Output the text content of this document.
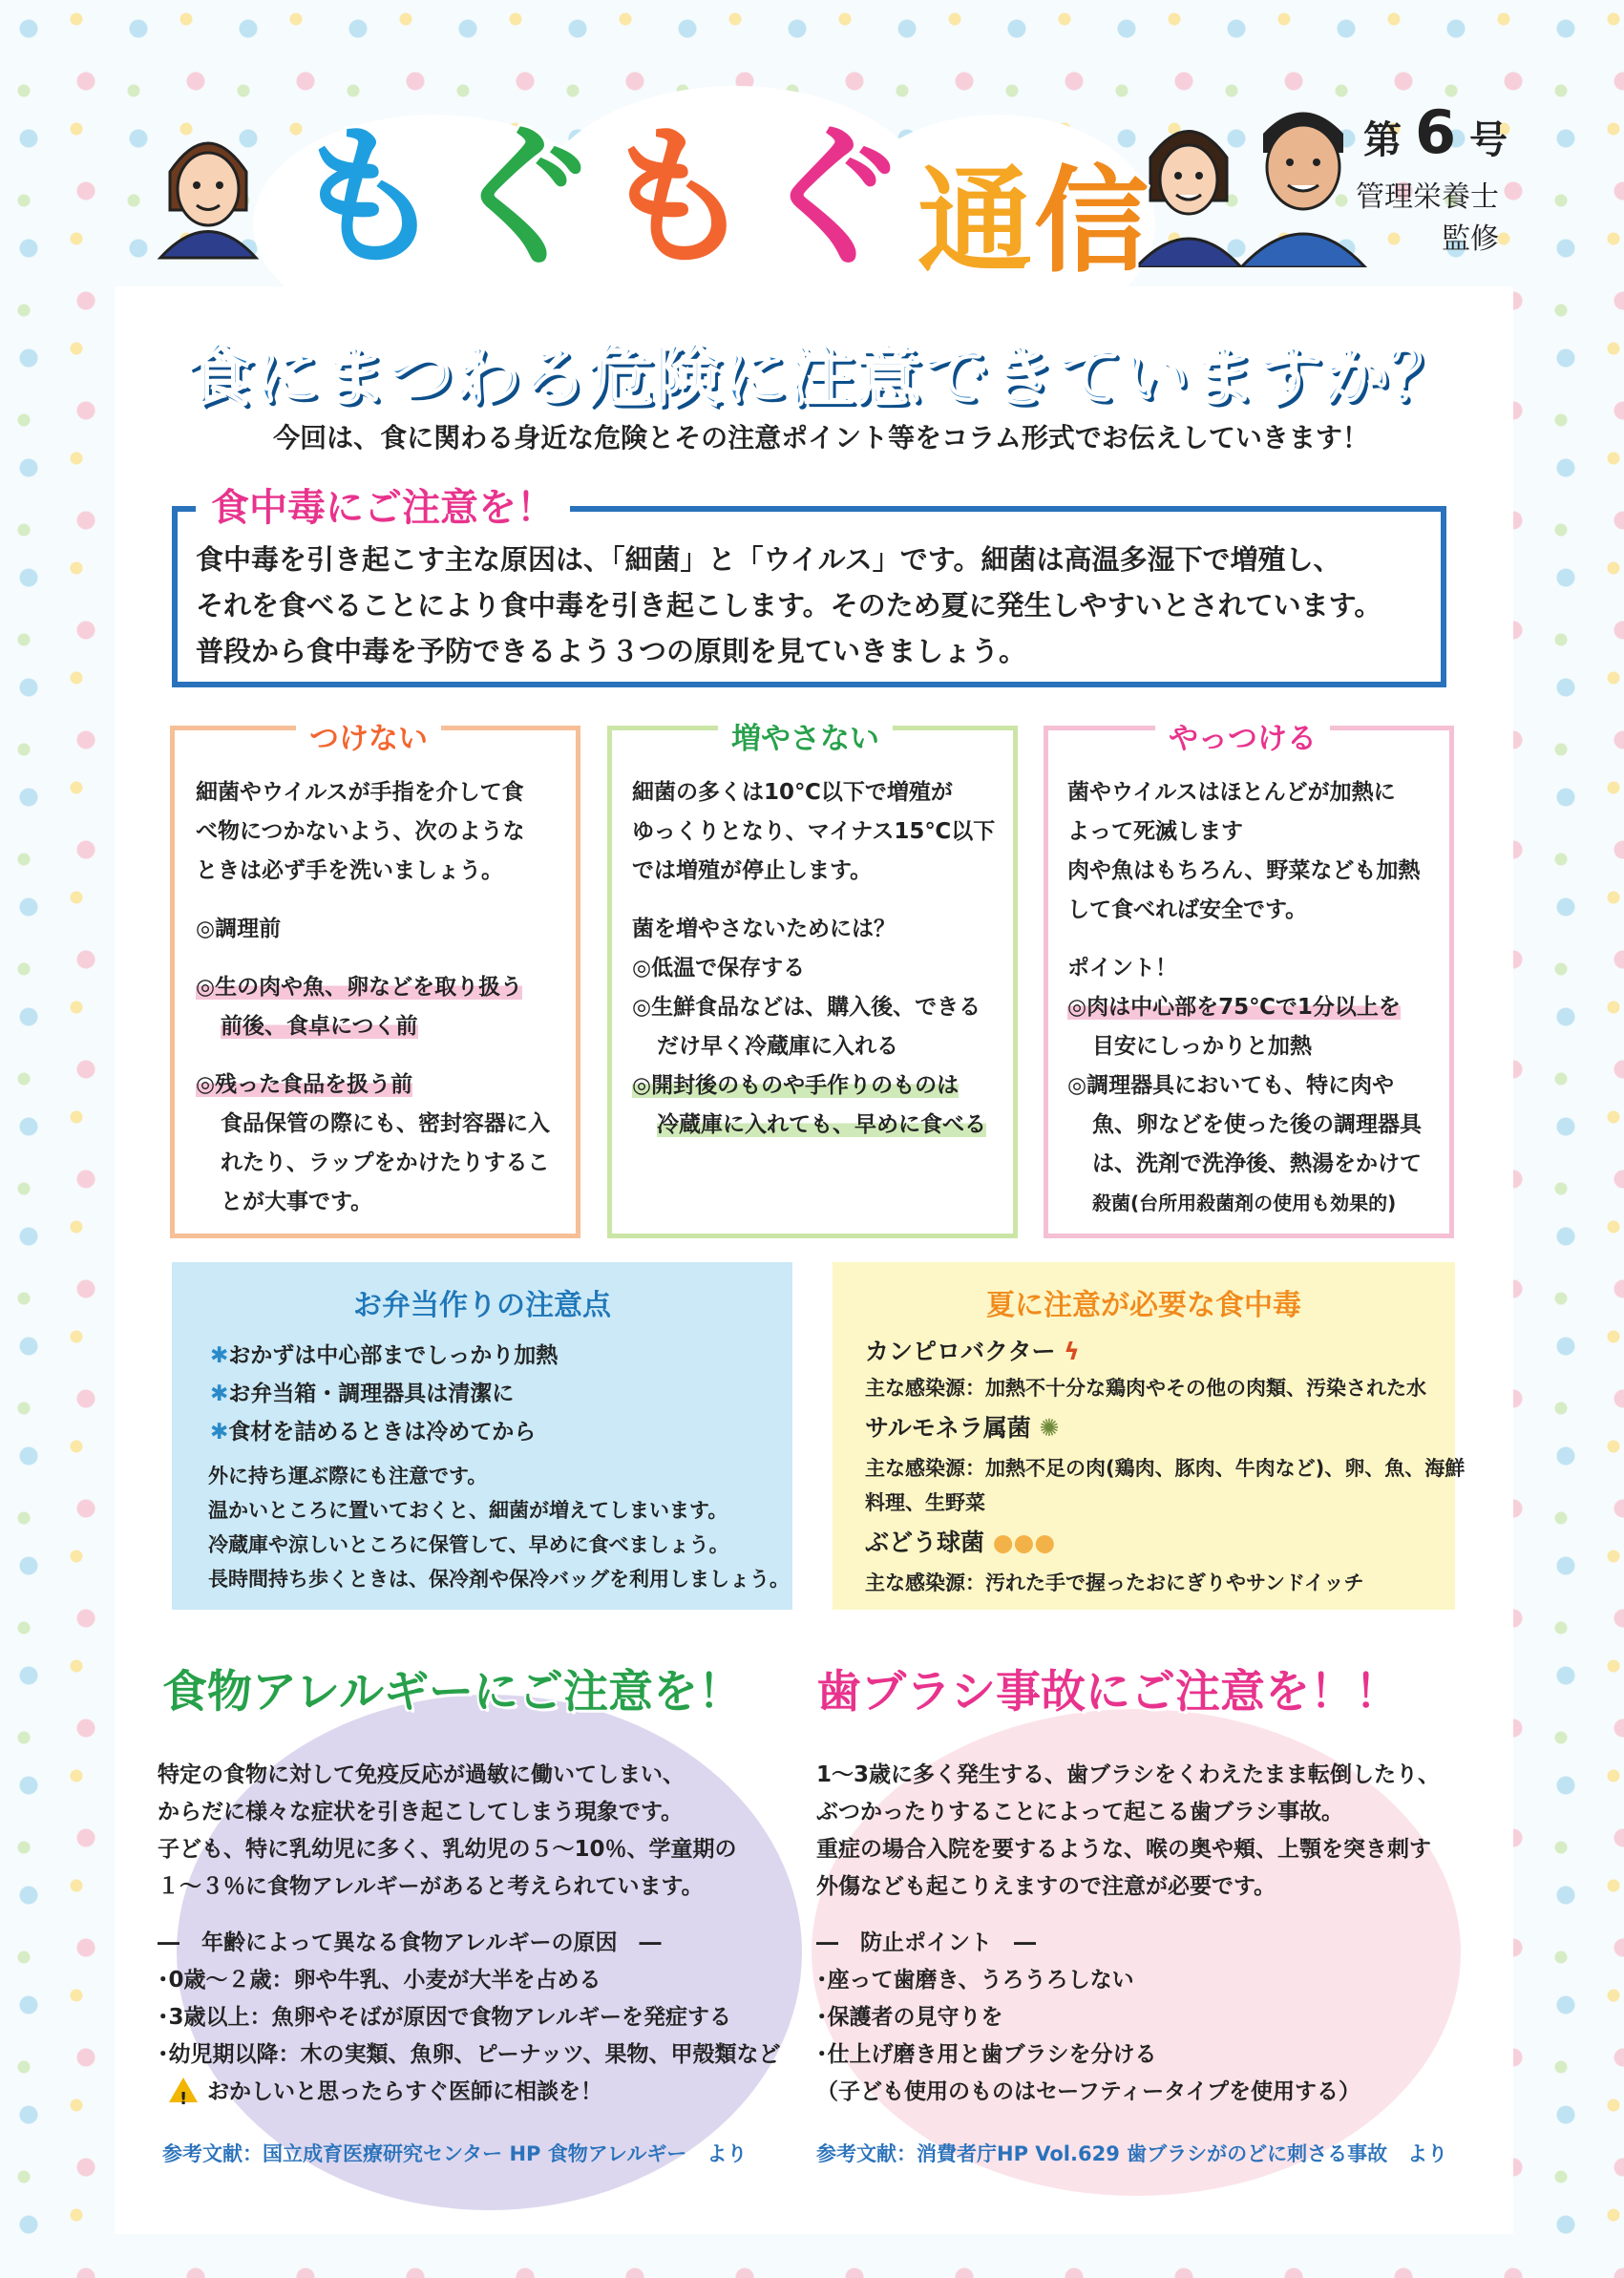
も ぐ も ぐ 通 信
第 6 号
管理栄養士
監修
食にまつわる危険に注意できていますか？
今回は、食に関わる身近な危険とその注意ポイント等をコラム形式でお伝えしていきます！
食中毒にご注意を！
食中毒を引き起こす主な原因は、「細菌」と「ウイルス」です。細菌は高温多湿下で増殖し、
それを食べることにより食中毒を引き起こします。そのため夏に発生しやすいとされています。
普段から食中毒を予防できるよう３つの原則を見ていきましょう。
つけない
細菌やウイルスが手指を介して食
べ物につかないよう、次のような
ときは必ず手を洗いましょう。
◎調理前
◎生の肉や魚、卵などを取り扱う
前後、食卓につく前
◎残った食品を扱う前
食品保管の際にも、密封容器に入
れたり、ラップをかけたりするこ
とが大事です。
増やさない
細菌の多くは10℃以下で増殖が
ゆっくりとなり、マイナス15℃以下
では増殖が停止します。
菌を増やさないためには？
◎低温で保存する
◎生鮮食品などは、購入後、できる
だけ早く冷蔵庫に入れる
◎開封後のものや手作りのものは
冷蔵庫に入れても、早めに食べる
やっつける
菌やウイルスはほとんどが加熱に
よって死滅します
肉や魚はもちろん、野菜なども加熱
して食べれば安全です。
ポイント！
◎肉は中心部を75℃で1分以上を
目安にしっかりと加熱
◎調理器具においても、特に肉や
魚、卵などを使った後の調理器具
は、洗剤で洗浄後、熱湯をかけて
殺菌(台所用殺菌剤の使用も効果的)
お弁当作りの注意点
✱おかずは中心部までしっかり加熱
✱お弁当箱・調理器具は清潔に
✱食材を詰めるときは冷めてから
外に持ち運ぶ際にも注意です。
温かいところに置いておくと、細菌が増えてしまいます。
冷蔵庫や涼しいところに保管して、早めに食べましょう。
長時間持ち歩くときは、保冷剤や保冷バッグを利用しましょう。
夏に注意が必要な食中毒
カンピロバクター ϟ
主な感染源：加熱不十分な鶏肉やその他の肉類、汚染された水
サルモネラ属菌 ✺
主な感染源：加熱不足の肉(鶏肉、豚肉、牛肉など)、卵、魚、海鮮
料理、生野菜
ぶどう球菌 ●●●
主な感染源：汚れた手で握ったおにぎりやサンドイッチ
食物アレルギーにご注意を！
特定の食物に対して免疫反応が過敏に働いてしまい、
からだに様々な症状を引き起こしてしまう現象です。
子ども、特に乳幼児に多く、乳幼児の５～10％、学童期の
１～３％に食物アレルギーがあると考えられています。
―　年齢によって異なる食物アレルギーの原因　―
･0歳～２歳：卵や牛乳、小麦が大半を占める
･3歳以上：魚卵やそばが原因で食物アレルギーを発症する
･幼児期以降：木の実類、魚卵、ピーナッツ、果物、甲殻類など
! おかしいと思ったらすぐ医師に相談を！
参考文献：国立成育医療研究センター HP 食物アレルギー　より
歯ブラシ事故にご注意を！！
1～3歳に多く発生する、歯ブラシをくわえたまま転倒したり、
ぶつかったりすることによって起こる歯ブラシ事故。
重症の場合入院を要するような、喉の奥や頬、上顎を突き刺す
外傷なども起こりえますので注意が必要です。
―　防止ポイント　―
･座って歯磨き、うろうろしない
･保護者の見守りを
･仕上げ磨き用と歯ブラシを分ける
（子ども使用のものはセーフティータイプを使用する）
参考文献：消費者庁HP Vol.629 歯ブラシがのどに刺さる事故　より
